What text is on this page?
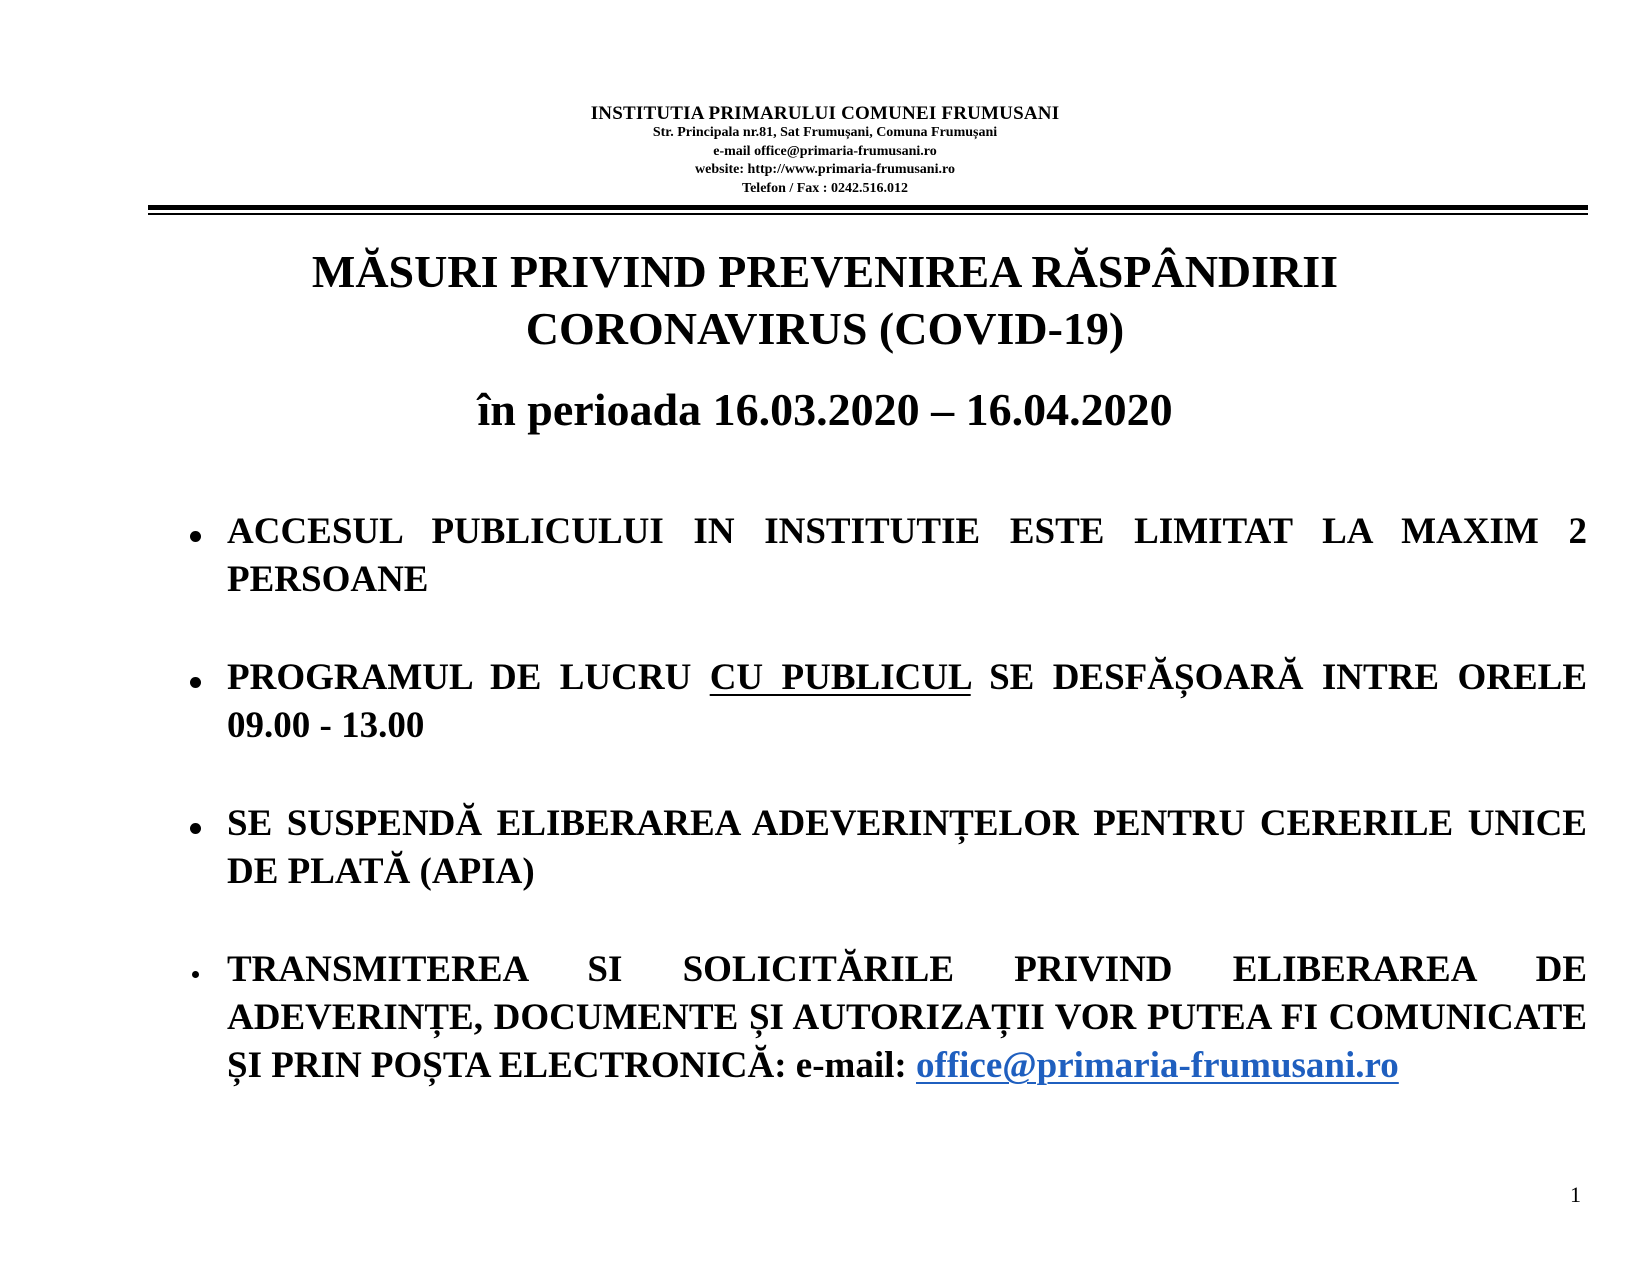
INSTITUTIA PRIMARULUI COMUNEI FRUMUSANI
Str. Principala nr.81, Sat Frumușani, Comuna Frumușani
e-mail office@primaria-frumusani.ro
website: http://www.primaria-frumusani.ro
Telefon / Fax : 0242.516.012
MĂSURI PRIVIND PREVENIREA RĂSPÂNDIRII
CORONAVIRUS (COVID-19)
în perioada 16.03.2020 – 16.04.2020
ACCESUL PUBLICULUI IN INSTITUTIE ESTE LIMITAT LA MAXIM 2 PERSOANE
PROGRAMUL DE LUCRU CU PUBLICUL SE DESFĂȘOARĂ INTRE ORELE 09.00 - 13.00
SE SUSPENDĂ ELIBERAREA ADEVERINȚELOR PENTRU CERERILE UNICE DE PLATĂ (APIA)
TRANSMITEREA SI SOLICITĂRILE PRIVIND ELIBERAREA DE ADEVERINȚE, DOCUMENTE ȘI AUTORIZAȚII VOR PUTEA FI COMUNICATE ȘI PRIN POȘTA ELECTRONICĂ: e-mail: office@primaria-frumusani.ro
1
